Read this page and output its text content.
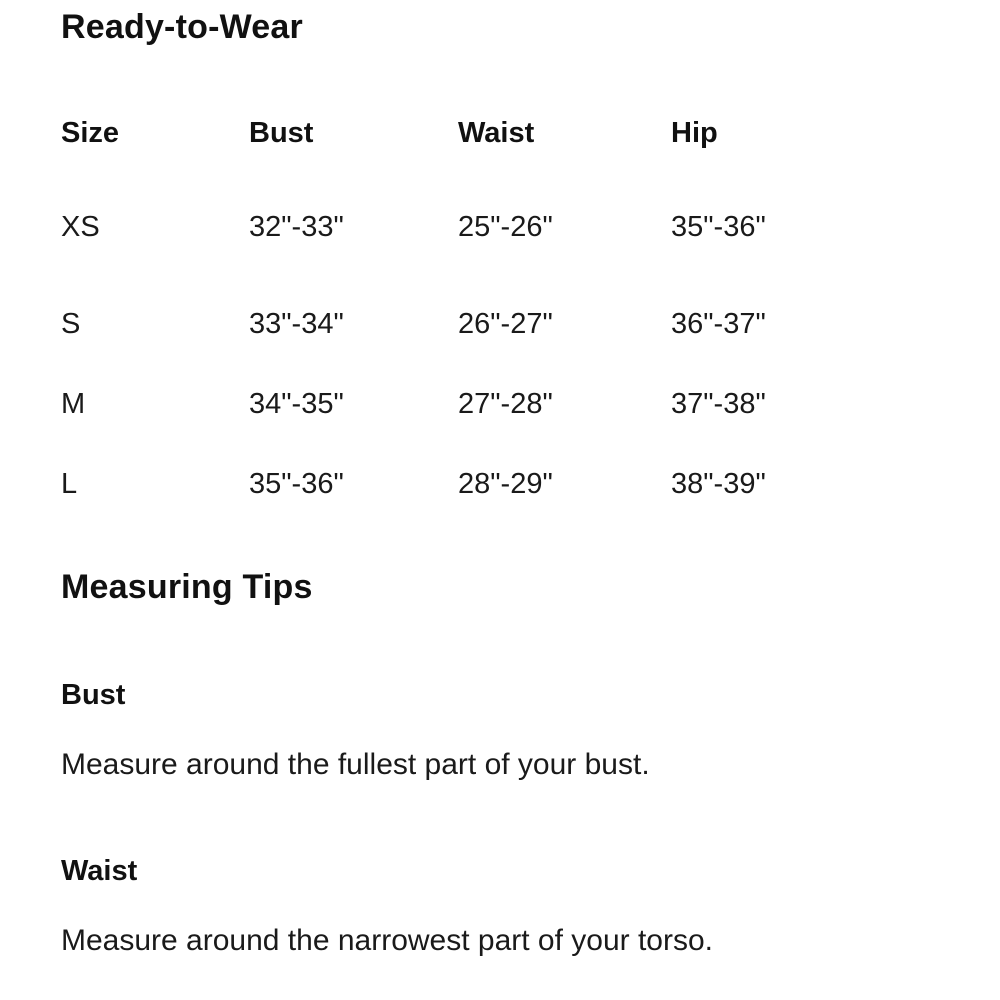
Ready-to-Wear
Size	Bust	Waist	Hip
XS	32"-33"	25"-26"	35"-36"
S	33"-34"	26"-27"	36"-37"
M	34"-35"	27"-28"	37"-38"
L	35"-36"	28"-29"	38"-39"
Measuring Tips
Bust

Measure around the fullest part of your bust.

Waist

Measure around the narrowest part of your torso.
